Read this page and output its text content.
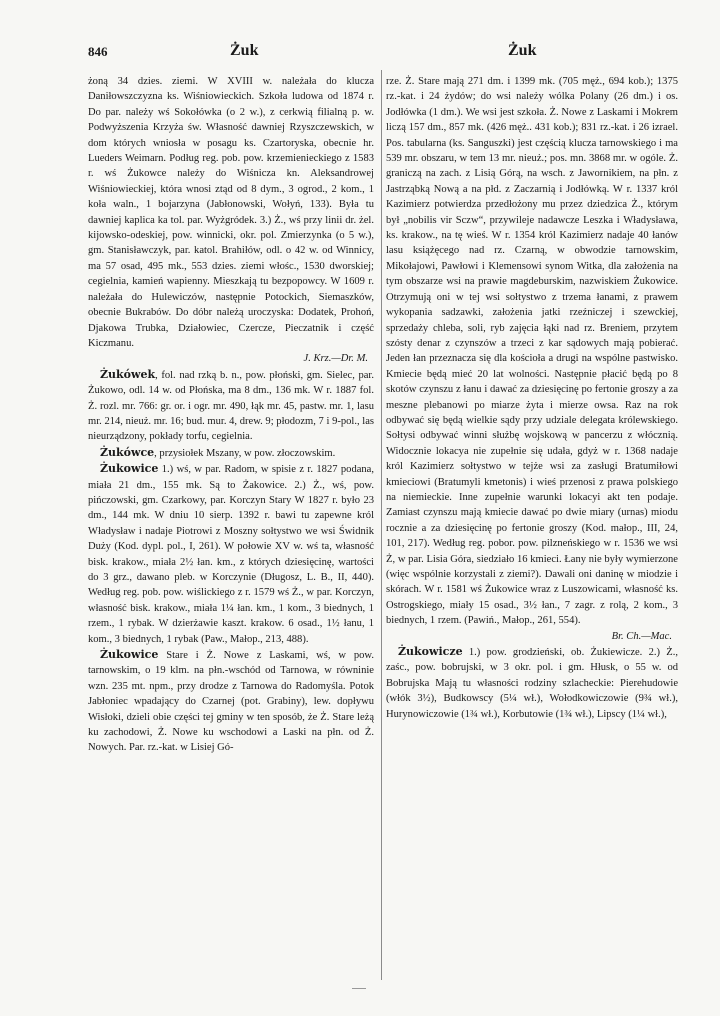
846	Żuk	Żuk

żoną 34 dzies. ziemi. W XVIII w. należała do klucza Daniłowszczyzna ks. Wiśniowieckich. Szkoła ludowa od 1874 r. Do par. należy wś Sokołówka (o 2 w.), z cerkwią filialną p. w. Podwyższenia Krzyża św. Własność dawniej Rzyszczewskich, w dom których wniosła w posagu ks. Czartoryska, obecnie hr. Lueders Weimarn. Podług reg. pob. pow. krzemienieckiego z 1583 r. wś Żukowce należy do Wiśnicza kn. Aleksandrowej Wiśniowieckiej, która wnosi ztąd od 8 dym., 3 ogrod., 2 kom., 1 koła waln., 1 bojarzyna (Jabłonowski, Wołyń, 133). Była tu dawniej kaplica ka tol. par. Wyżgródek. 3.) Ż., wś przy linii dr. żel. kijowsko-odeskiej, pow. winnicki, okr. pol. Zmierzynka (o 5 w.), gm. Stanisławczyk, par. katol. Brahiłów, odl. o 42 w. od Winnicy, ma 57 osad, 495 mk., 553 dzies. ziemi włośc., 1530 dworskiej; cegielnia, kamień wapienny. Mieszkają tu bezpopowcy. W 1609 r. należała do Hulewiczów, następnie Potockich, Siemaszków, obecnie Bukrabów. Do dóbr należą uroczyska: Dodatek, Prohoń, Djakowa Trubka, Działowiec, Czercze, Pieczatnik i część Kiczmanu.

J. Krz.—Dr. M.

Żukówek, fol. nad rzką b. n., pow. płoński, gm. Sielec, par. Żukowo, odl. 14 w. od Płońska, ma 8 dm., 136 mk. W r. 1887 fol. Ż. rozl. mr. 766: gr. or. i ogr. mr. 490, łąk mr. 45, pastw. mr. 1, lasu mr. 214, nieuż. mr. 16; bud. mur. 4, drew. 9; płodozm, 7 i 9-pol., las nieurządzony, pokłady torfu, cegielnia.

Żukówce, przysiołek Mszany, w pow. złoczowskim.

Żukowice 1.) wś, w par. Radom, w spisie z r. 1827 podana, miała 21 dm., 155 mk. Są to Żakowice. 2.) Ż., wś, pow. pińczowski, gm. Czarkowy, par. Korczyn Stary W 1827 r. było 23 dm., 144 mk. W dniu 10 sierp. 1392 r. bawi tu zapewne król Władysław i nadaje Piotrowi z Moszny sołtystwo we wsi Świdnik Duży (Kod. dypl. pol., I, 261). W połowie XV w. wś ta, własność bisk. krakow., miała 2½ łan. km., z których dziesięcinę, wartości do 3 grz., dawano pleb. w Korczynie (Długosz, L. B., II, 440). Według reg. pob. pow. wiślickiego z r. 1579 wś Ż., w par. Korczyn, własność bisk. krakow., miała 1¼ łan. km., 1 kom., 3 biednych, 1 rzem., 1 rybak. W dzierżawie kaszt. krakow. 6 osad., 1½ łanu, 1 kom., 3 biednych, 1 rybak (Paw., Małop., 213, 488).

Żukowice Stare i Ż. Nowe z Laskami, wś, w pow. tarnowskim, o 19 klm. na płn.-wschód od Tarnowa, w równinie wzn. 235 mt. npm., przy drodze z Tarnowa do Radomyśla. Potok Jabłoniec wpadający do Czarnej (pot. Grabiny), lew. dopływu Wisłoki, dzieli obie części tej gminy w ten sposób, że Ż. Stare leżą ku zachodowi, Ż. Nowe ku wschodowi a Laski na płn. od Ż. Nowych. Par. rz.-kat. w Lisiej Gó-

rze. Ż. Stare mają 271 dm. i 1399 mk. (705 męż., 694 kob.); 1375 rz.-kat. i 24 żydów; do wsi należy wólka Polany (26 dm.) i os. Jodłówka (1 dm.). We wsi jest szkoła. Ż. Nowe z Laskami i Mokrem liczą 157 dm., 857 mk. (426 męż.. 431 kob.); 831 rz.-kat. i 26 izrael. Pos. tabularna (ks. Sanguszki) jest częścią klucza tarnowskiego i ma 539 mr. obszaru, w tem 13 mr. nieuż.; pos. mn. 3868 mr. w ogóle. Ż. graniczą na zach. z Lisią Górą, na wsch. z Jawornikiem, na płn. z Jastrząbką Nową a na płd. z Zaczarnią i Jodłówką. W r. 1337 król Kazimierz potwierdza przedłożony mu przez dziedzica Ż., którym był „nobilis vir Sczw“, przywileje nadawcze Leszka i Władysława, ks. krakow., na tę wieś. W r. 1354 król Kazimierz nadaje 40 łanów lasu książęcego nad rz. Czarną, w obwodzie tarnowskim, Mikołajowi, Pawłowi i Klemensowi synom Witka, dla założenia na tym obszarze wsi na prawie magdeburskim, nazwiskiem Żukowice. Otrzymują oni w tej wsi sołtystwo z trzema łanami, z prawem wykopania sadzawki, założenia jatki rzeźniczej i szewckiej, sprzedaży chleba, soli, ryb zajęcia łąki nad rz. Breniem, przytem szósty denar z czynszów a trzeci z kar sądowych mają pobierać. Jeden łan przeznacza się dla kościoła a drugi na wspólne pastwisko. Kmiecie będą mieć 20 lat wolności. Następnie płacić będą po 8 skotów czynszu z łanu i dawać za dziesięcinę po fertonie groszy a za meszne plebanowi po miarze żyta i mierze owsa. Raz na rok odbywać się będą wielkie sądy przy udziale delegata królewskiego. Sołtysi odbywać winni służbę wojskową w pancerzu z włócznią. Widocznie lokacya nie zupełnie się udała, gdyż w r. 1368 nadaje król Kazimierz sołtystwo w tejże wsi za zasługi Bratumiłowi kmieciowi (Bratumyli kmetonis) i wieś przenosi z prawa polskiego na niemieckie. Inne zupełnie warunki lokacyi akt ten podaje. Zamiast czynszu mają kmiecie dawać po dwie miary (urnas) miodu rocznie a za dziesięcinę po fertonie groszy (Kod. małop., III, 24, 101, 217). Według reg. pobor. pow. pilzneńskiego w r. 1536 we wsi Ż, w par. Lisia Góra, siedziało 16 kmieci. Łany nie były wymierzone (więc wspólnie korzystali z ziemi?). Dawali oni daninę w miodzie i skórach. W r. 1581 wś Żukowice wraz z Luszowicami, własność ks. Ostrogskiego, miały 15 osad., 3½ łan., 7 zagr. z rolą, 2 kom., 3 biednych, 1 rzem. (Pawiń., Małop., 261, 554).

Br. Ch.—Mac.

Żukowicze 1.) pow. grodzieński, ob. Żukiewicze. 2.) Ż., zaśc., pow. bobrujski, w 3 okr. pol. i gm. Hłusk, o 55 w. od Bobrujska Mają tu własności rodziny szlacheckie: Pierehudowie (włók 3½), Budkowscy (5¼ wł.), Wołodkowiczowie (9¾ wł.), Hurynowiczowie (1¾ wł.), Korbutowie (1¾ wł.), Lipscy (1¼ wł.),
